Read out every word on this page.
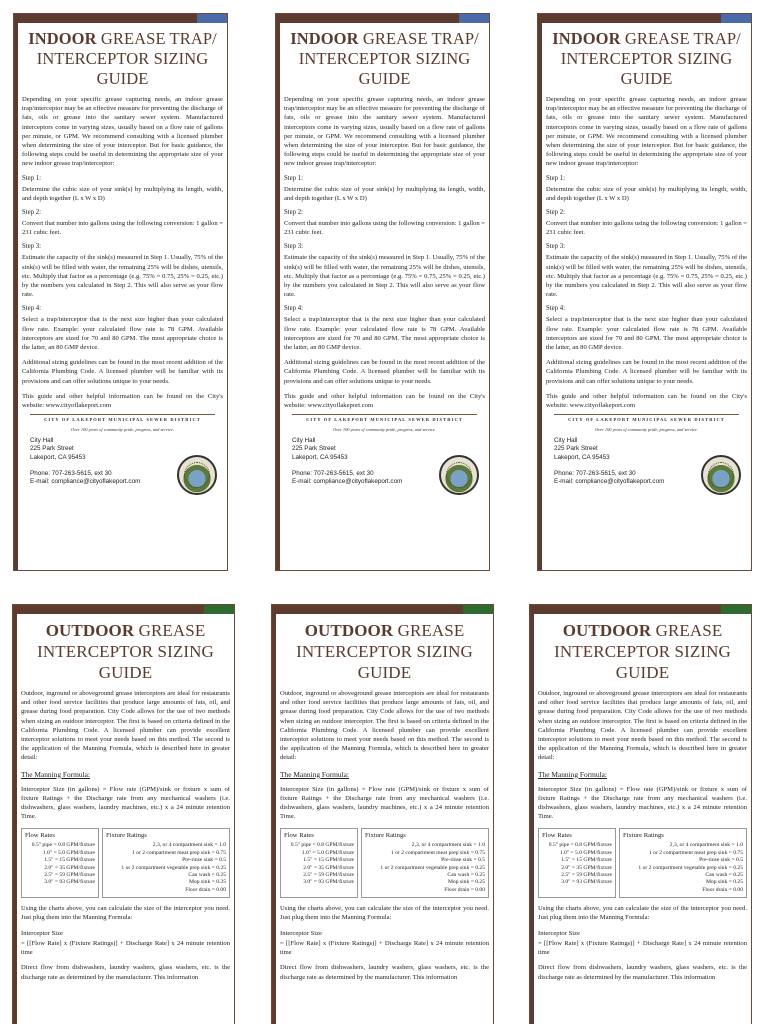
INDOOR GREASE TRAP/ INTERCEPTOR SIZING GUIDE

Depending on your specific grease capturing needs, an indoor grease trap/interceptor may be an effective measure for preventing the discharge of fats, oils or grease into the sanitary sewer system. Manufactured interceptors come in varying sizes, usually based on a flow rate of gallons per minute, or GPM. We recommend consulting with a licensed plumber when determining the size of your interceptor. But for basic guidance, the following steps could be useful in determining the appropriate size of your new indoor grease trap/interceptor:

Step 1:

Determine the cubic size of your sink(s) by multiplying its length, width, and depth together (L x W x D)

Step 2:

Convert that number into gallons using the following conversion: 1 gallon = 231 cubic feet.

Step 3:

Estimate the capacity of the sink(s) measured in Step 1. Usually, 75% of the sink(s) will be filled with water, the remaining 25% will be dishes, utensils, etc. Multiply that factor as a percentage (e.g. 75% = 0.75, 25% = 0.25, etc.) by the numbers you calculated in Step 2. This will also serve as your flow rate.

Step 4:

Select a trap/interceptor that is the next size higher than your calculated flow rate. Example: your calculated flow rate is 78 GPM. Available interceptors are sized for 70 and 80 GPM. The most appropriate choice is the latter, an 80 GMP device.

Additional sizing guidelines can be found in the most recent addition of the California Plumbing Code. A licensed plumber will be familiar with its provisions and can offer solutions unique to your needs.

This guide and other helpful information can be found on the City's website: www.cityoflakeport.com

CITY OF LAKEPORT MUNICIPAL SEWER DISTRICT

Over 100 years of community pride, progress, and service.

City Hall
225 Park Street
Lakeport, CA 95453
Phone: 707-263-5615, ext 30
E-mail: compliance@cityoflakeport.com
INDOOR GREASE TRAP/ INTERCEPTOR SIZING GUIDE

Depending on your specific grease capturing needs, an indoor grease trap/interceptor may be an effective measure for preventing the discharge of fats, oils or grease into the sanitary sewer system. Manufactured interceptors come in varying sizes, usually based on a flow rate of gallons per minute, or GPM. We recommend consulting with a licensed plumber when determining the size of your interceptor. But for basic guidance, the following steps could be useful in determining the appropriate size of your new indoor grease trap/interceptor:

Step 1:

Determine the cubic size of your sink(s) by multiplying its length, width, and depth together (L x W x D)

Step 2:

Convert that number into gallons using the following conversion: 1 gallon = 231 cubic feet.

Step 3:

Estimate the capacity of the sink(s) measured in Step 1. Usually, 75% of the sink(s) will be filled with water, the remaining 25% will be dishes, utensils, etc. Multiply that factor as a percentage (e.g. 75% = 0.75, 25% = 0.25, etc.) by the numbers you calculated in Step 2. This will also serve as your flow rate.

Step 4:

Select a trap/interceptor that is the next size higher than your calculated flow rate. Example: your calculated flow rate is 78 GPM. Available interceptors are sized for 70 and 80 GPM. The most appropriate choice is the latter, an 80 GMP device.

Additional sizing guidelines can be found in the most recent addition of the California Plumbing Code. A licensed plumber will be familiar with its provisions and can offer solutions unique to your needs.

This guide and other helpful information can be found on the City's website: www.cityoflakeport.com

CITY OF LAKEPORT MUNICIPAL SEWER DISTRICT

Over 100 years of community pride, progress, and service.

City Hall
225 Park Street
Lakeport, CA 95453
Phone: 707-263-5615, ext 30
E-mail: compliance@cityoflakeport.com
INDOOR GREASE TRAP/ INTERCEPTOR SIZING GUIDE

Depending on your specific grease capturing needs, an indoor grease trap/interceptor may be an effective measure for preventing the discharge of fats, oils or grease into the sanitary sewer system. Manufactured interceptors come in varying sizes, usually based on a flow rate of gallons per minute, or GPM. We recommend consulting with a licensed plumber when determining the size of your interceptor. But for basic guidance, the following steps could be useful in determining the appropriate size of your new indoor grease trap/interceptor:

Step 1:

Determine the cubic size of your sink(s) by multiplying its length, width, and depth together (L x W x D)

Step 2:

Convert that number into gallons using the following conversion: 1 gallon = 231 cubic feet.

Step 3:

Estimate the capacity of the sink(s) measured in Step 1. Usually, 75% of the sink(s) will be filled with water, the remaining 25% will be dishes, utensils, etc. Multiply that factor as a percentage (e.g. 75% = 0.75, 25% = 0.25, etc.) by the numbers you calculated in Step 2. This will also serve as your flow rate.

Step 4:

Select a trap/interceptor that is the next size higher than your calculated flow rate. Example: your calculated flow rate is 78 GPM. Available interceptors are sized for 70 and 80 GPM. The most appropriate choice is the latter, an 80 GMP device.

Additional sizing guidelines can be found in the most recent addition of the California Plumbing Code. A licensed plumber will be familiar with its provisions and can offer solutions unique to your needs.

This guide and other helpful information can be found on the City's website: www.cityoflakeport.com

CITY OF LAKEPORT MUNICIPAL SEWER DISTRICT

Over 100 years of community pride, progress, and service.

City Hall
225 Park Street
Lakeport, CA 95453
Phone: 707-263-5615, ext 30
E-mail: compliance@cityoflakeport.com
OUTDOOR GREASE INTERCEPTOR SIZING GUIDE

Outdoor, inground or aboveground grease interceptors are ideal for restaurants and other food service facilities that produce large amounts of fats, oil, and grease during food preparation. City Code allows for the use of two methods when sizing an outdoor interceptor. The first is based on criteria defined in the California Plumbing Code. A licensed plumber can provide excellent interceptor solutions to meet your needs based on this method. The second is the application of the Manning Formula, which is described here in greater detail:

The Manning Formula:

Interceptor Size (in gallons) = Flow rate (GPM)/sink or fixture x sum of fixture Ratings + the Discharge rate from any mechanical washers (i.e. dishwashers, glass washers, laundry machines, etc.) x a 24 minute retention Time.

Flow Rates
0.5" pipe = 0.8 GPM/fixture
1.0" = 5.0 GPM/fixture
1.5" = 15 GPM/fixture
2.0" = 35 GPM/fixture
2.5" = 59 GPM/fixture
3.0" = 93 GPM/fixture
Fixture Ratings
2,3, or 4 compartment sink = 1.0
1 or 2 compartment meat prep sink = 0.75
Pre-rinse sink = 0.5
1 or 2 compartment vegetable prep sink = 0.25
Can wash = 0.25
Mop sink = 0.25
Floor drain = 0.00

Using the charts above, you can calculate the size of the interceptor you need. Just plug them into the Manning Formula:

Interceptor Size

= [[Flow Rate] x (Fixture Ratings)] + Discharge Rate] x 24 minute retention time

Direct flow from dishwashers, laundry washers, glass washers, etc. is the discharge rate as determined by the manufacturer. This information

OUTDOOR GREASE INTERCEPTOR SIZING GUIDE

Outdoor, inground or aboveground grease interceptors are ideal for restaurants and other food service facilities that produce large amounts of fats, oil, and grease during food preparation. City Code allows for the use of two methods when sizing an outdoor interceptor. The first is based on criteria defined in the California Plumbing Code. A licensed plumber can provide excellent interceptor solutions to meet your needs based on this method. The second is the application of the Manning Formula, which is described here in greater detail:

The Manning Formula:

Interceptor Size (in gallons) = Flow rate (GPM)/sink or fixture x sum of fixture Ratings + the Discharge rate from any mechanical washers (i.e. dishwashers, glass washers, laundry machines, etc.) x a 24 minute retention Time.

Flow Rates
0.5" pipe = 0.8 GPM/fixture
1.0" = 5.0 GPM/fixture
1.5" = 15 GPM/fixture
2.0" = 35 GPM/fixture
2.5" = 59 GPM/fixture
3.0" = 93 GPM/fixture
Fixture Ratings
2,3, or 4 compartment sink = 1.0
1 or 2 compartment meat prep sink = 0.75
Pre-rinse sink = 0.5
1 or 2 compartment vegetable prep sink = 0.25
Can wash = 0.25
Mop sink = 0.25
Floor drain = 0.00

Using the charts above, you can calculate the size of the interceptor you need. Just plug them into the Manning Formula:

Interceptor Size

= [[Flow Rate] x (Fixture Ratings)] + Discharge Rate] x 24 minute retention time

Direct flow from dishwashers, laundry washers, glass washers, etc. is the discharge rate as determined by the manufacturer. This information

OUTDOOR GREASE INTERCEPTOR SIZING GUIDE

Outdoor, inground or aboveground grease interceptors are ideal for restaurants and other food service facilities that produce large amounts of fats, oil, and grease during food preparation. City Code allows for the use of two methods when sizing an outdoor interceptor. The first is based on criteria defined in the California Plumbing Code. A licensed plumber can provide excellent interceptor solutions to meet your needs based on this method. The second is the application of the Manning Formula, which is described here in greater detail:

The Manning Formula:

Interceptor Size (in gallons) = Flow rate (GPM)/sink or fixture x sum of fixture Ratings + the Discharge rate from any mechanical washers (i.e. dishwashers, glass washers, laundry machines, etc.) x a 24 minute retention Time.

Flow Rates
0.5" pipe = 0.8 GPM/fixture
1.0" = 5.0 GPM/fixture
1.5" = 15 GPM/fixture
2.0" = 35 GPM/fixture
2.5" = 59 GPM/fixture
3.0" = 93 GPM/fixture
Fixture Ratings
2,3, or 4 compartment sink = 1.0
1 or 2 compartment meat prep sink = 0.75
Pre-rinse sink = 0.5
1 or 2 compartment vegetable prep sink = 0.25
Can wash = 0.25
Mop sink = 0.25
Floor drain = 0.00

Using the charts above, you can calculate the size of the interceptor you need. Just plug them into the Manning Formula:

Interceptor Size

= [[Flow Rate] x (Fixture Ratings)] + Discharge Rate] x 24 minute retention time

Direct flow from dishwashers, laundry washers, glass washers, etc. is the discharge rate as determined by the manufacturer. This information
